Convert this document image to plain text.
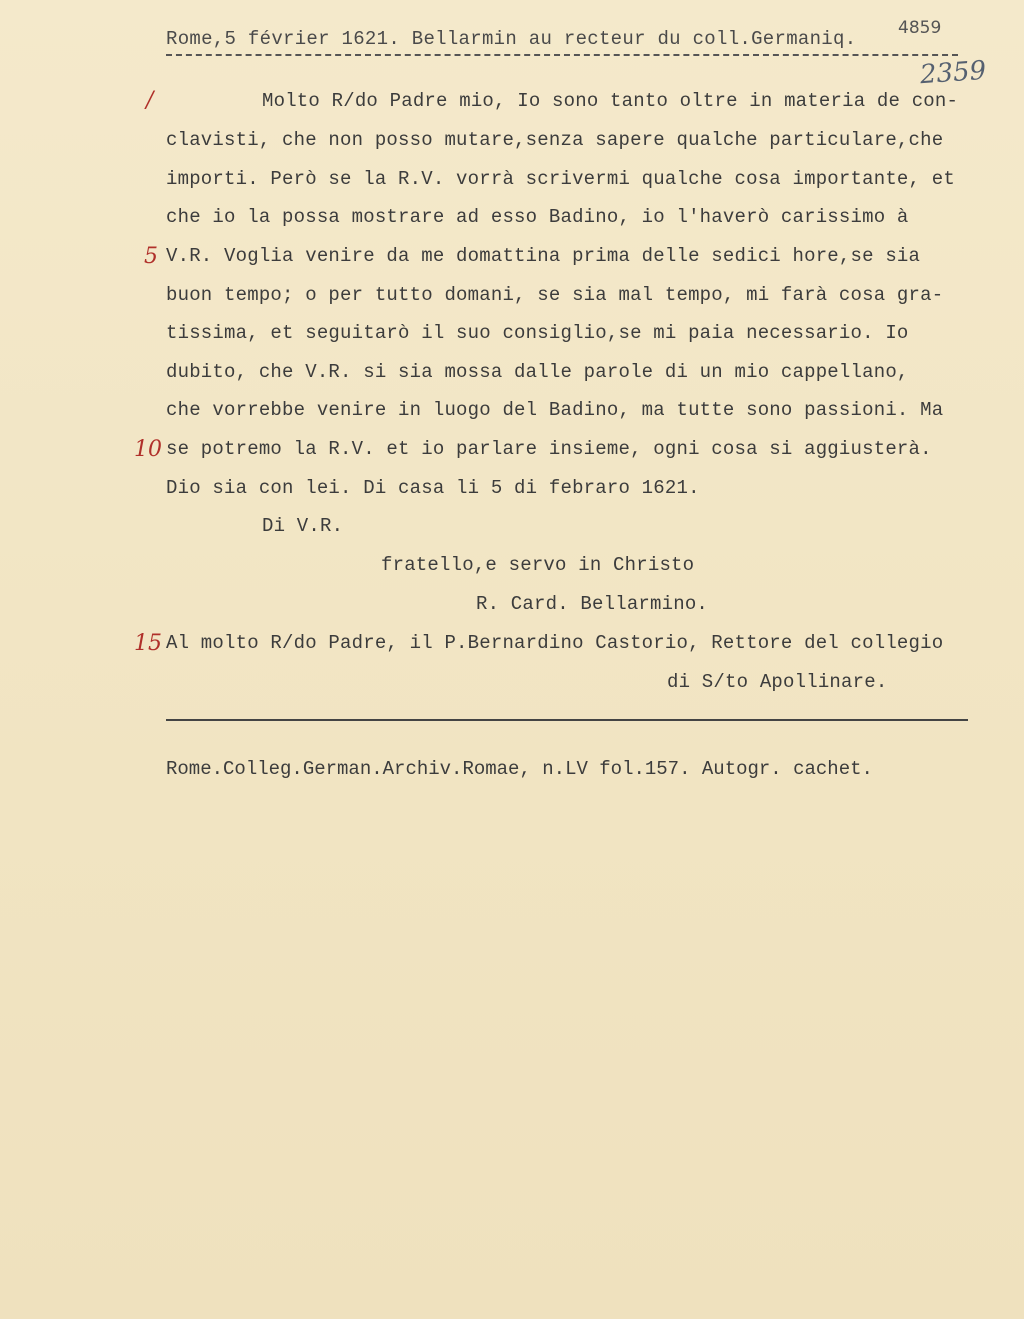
Rome,5 février 1621. Bellarmin au recteur du coll.Germaniq. 4859
2359
/
5
10
15
Molto R/do Padre mio, Io sono tanto oltre in materia de con-
clavisti, che non posso mutare,senza sapere qualche particulare,che
importi. Però se la R.V. vorrà scrivermi qualche cosa importante, et
che io la possa mostrare ad esso Badino, io l'haverò carissimo à
V.R. Voglia venire da me domattina prima delle sedici hore,se sia
buon tempo; o per tutto domani, se sia mal tempo, mi farà cosa gra-
tissima, et seguitarò il suo consiglio,se mi paia necessario. Io
dubito, che V.R. si sia mossa dalle parole di un mio cappellano,
che vorrebbe venire in luogo del Badino, ma tutte sono passioni. Ma
se potremo la R.V. et io parlare insieme, ogni cosa si aggiusterà.
Dio sia con lei. Di casa li 5 di febraro 1621.
Di V.R.
fratello,e servo in Christo
R. Card. Bellarmino.
Al molto R/do Padre, il P.Bernardino Castorio, Rettore del collegio
di S/to Apollinare.
Rome.Colleg.German.Archiv.Romae, n.LV fol.157. Autogr. cachet.
